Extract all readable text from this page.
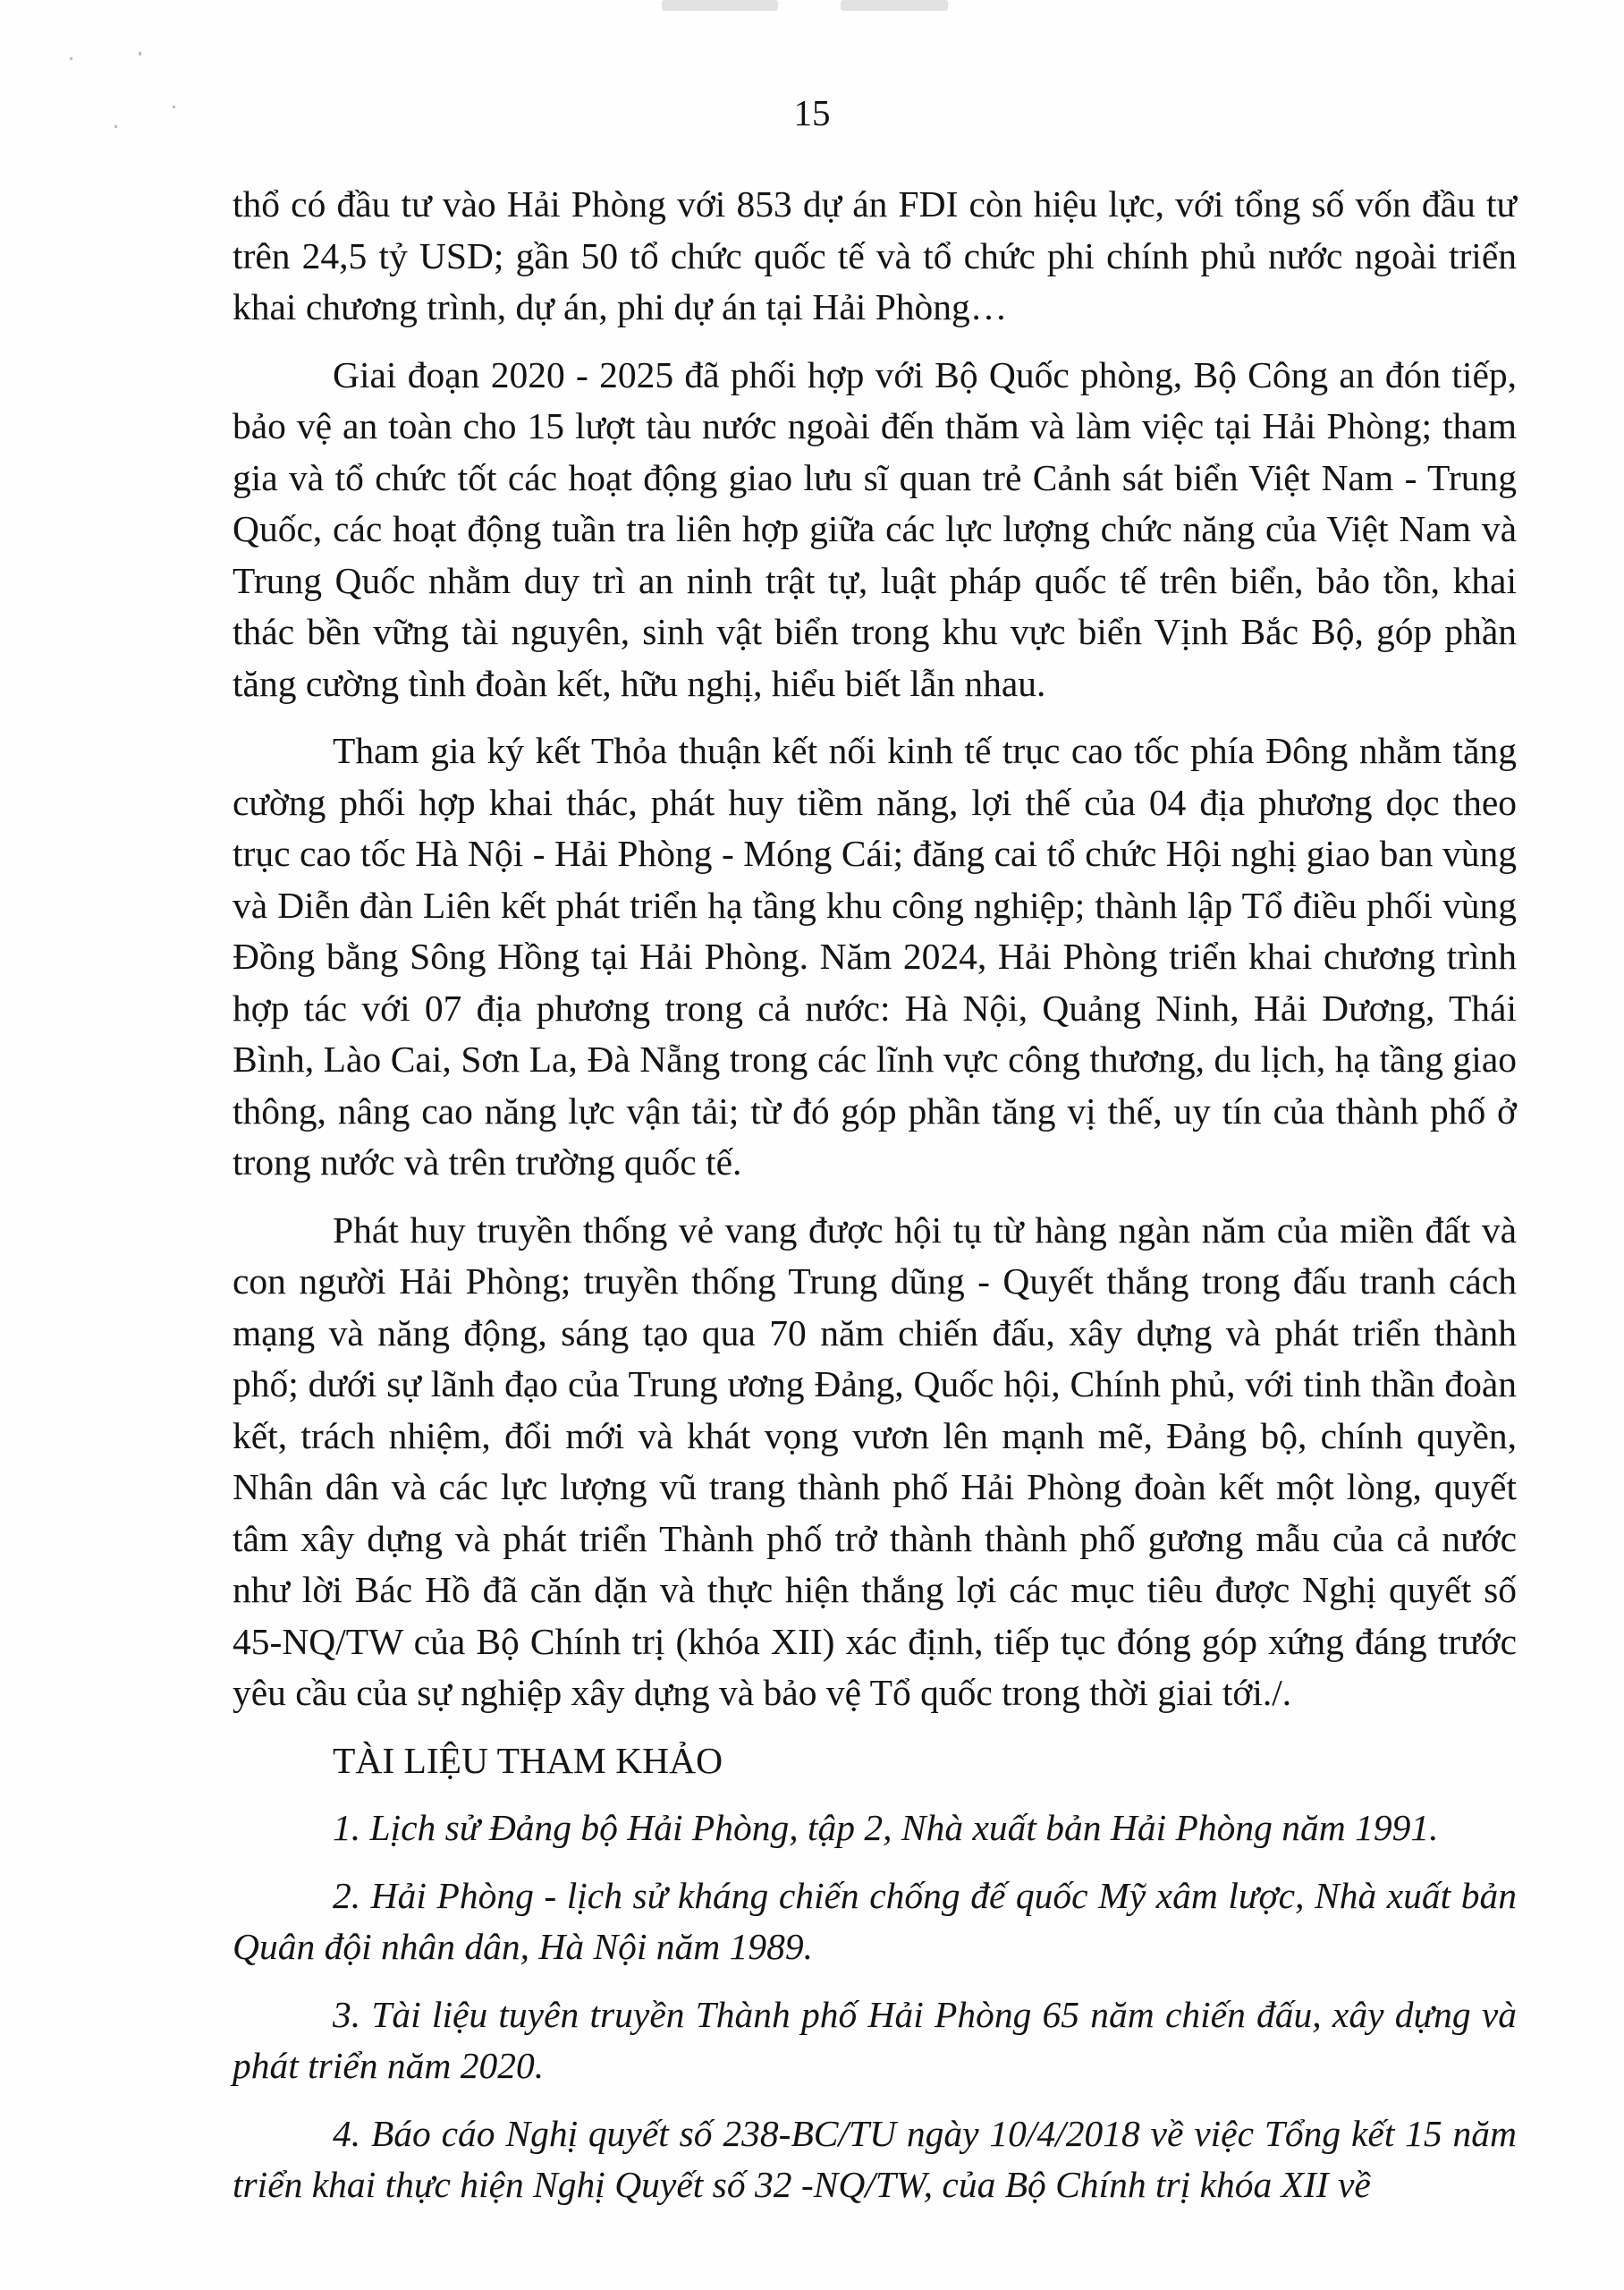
15

thổ có đầu tư vào Hải Phòng với 853 dự án FDI còn hiệu lực, với tổng số vốn đầu tư trên 24,5 tỷ USD; gần 50 tổ chức quốc tế và tổ chức phi chính phủ nước ngoài triển khai chương trình, dự án, phi dự án tại Hải Phòng…

Giai đoạn 2020 - 2025 đã phối hợp với Bộ Quốc phòng, Bộ Công an đón tiếp, bảo vệ an toàn cho 15 lượt tàu nước ngoài đến thăm và làm việc tại Hải Phòng; tham gia và tổ chức tốt các hoạt động giao lưu sĩ quan trẻ Cảnh sát biển Việt Nam - Trung Quốc, các hoạt động tuần tra liên hợp giữa các lực lượng chức năng của Việt Nam và Trung Quốc nhằm duy trì an ninh trật tự, luật pháp quốc tế trên biển, bảo tồn, khai thác bền vững tài nguyên, sinh vật biển trong khu vực biển Vịnh Bắc Bộ, góp phần tăng cường tình đoàn kết, hữu nghị, hiểu biết lẫn nhau.

Tham gia ký kết Thỏa thuận kết nối kinh tế trục cao tốc phía Đông nhằm tăng cường phối hợp khai thác, phát huy tiềm năng, lợi thế của 04 địa phương dọc theo trục cao tốc Hà Nội - Hải Phòng - Móng Cái; đăng cai tổ chức Hội nghị giao ban vùng và Diễn đàn Liên kết phát triển hạ tầng khu công nghiệp; thành lập Tổ điều phối vùng Đồng bằng Sông Hồng tại Hải Phòng. Năm 2024, Hải Phòng triển khai chương trình hợp tác với 07 địa phương trong cả nước: Hà Nội, Quảng Ninh, Hải Dương, Thái Bình, Lào Cai, Sơn La, Đà Nẵng trong các lĩnh vực công thương, du lịch, hạ tầng giao thông, nâng cao năng lực vận tải; từ đó góp phần tăng vị thế, uy tín của thành phố ở trong nước và trên trường quốc tế.

Phát huy truyền thống vẻ vang được hội tụ từ hàng ngàn năm của miền đất và con người Hải Phòng; truyền thống Trung dũng - Quyết thắng trong đấu tranh cách mạng và năng động, sáng tạo qua 70 năm chiến đấu, xây dựng và phát triển thành phố; dưới sự lãnh đạo của Trung ương Đảng, Quốc hội, Chính phủ, với tinh thần đoàn kết, trách nhiệm, đổi mới và khát vọng vươn lên mạnh mẽ, Đảng bộ, chính quyền, Nhân dân và các lực lượng vũ trang thành phố Hải Phòng đoàn kết một lòng, quyết tâm xây dựng và phát triển Thành phố trở thành thành phố gương mẫu của cả nước như lời Bác Hồ đã căn dặn và thực hiện thắng lợi các mục tiêu được Nghị quyết số 45-NQ/TW của Bộ Chính trị (khóa XII) xác định, tiếp tục đóng góp xứng đáng trước yêu cầu của sự nghiệp xây dựng và bảo vệ Tổ quốc trong thời giai tới./.

TÀI LIỆU THAM KHẢO

1. Lịch sử Đảng bộ Hải Phòng, tập 2, Nhà xuất bản Hải Phòng năm 1991.

2. Hải Phòng - lịch sử kháng chiến chống đế quốc Mỹ xâm lược, Nhà xuất bản Quân đội nhân dân, Hà Nội năm 1989.

3. Tài liệu tuyên truyền Thành phố Hải Phòng 65 năm chiến đấu, xây dựng và phát triển năm 2020.

4. Báo cáo Nghị quyết số 238-BC/TU ngày 10/4/2018 về việc Tổng kết 15 năm triển khai thực hiện Nghị Quyết số 32 -NQ/TW, của Bộ Chính trị khóa XII về
